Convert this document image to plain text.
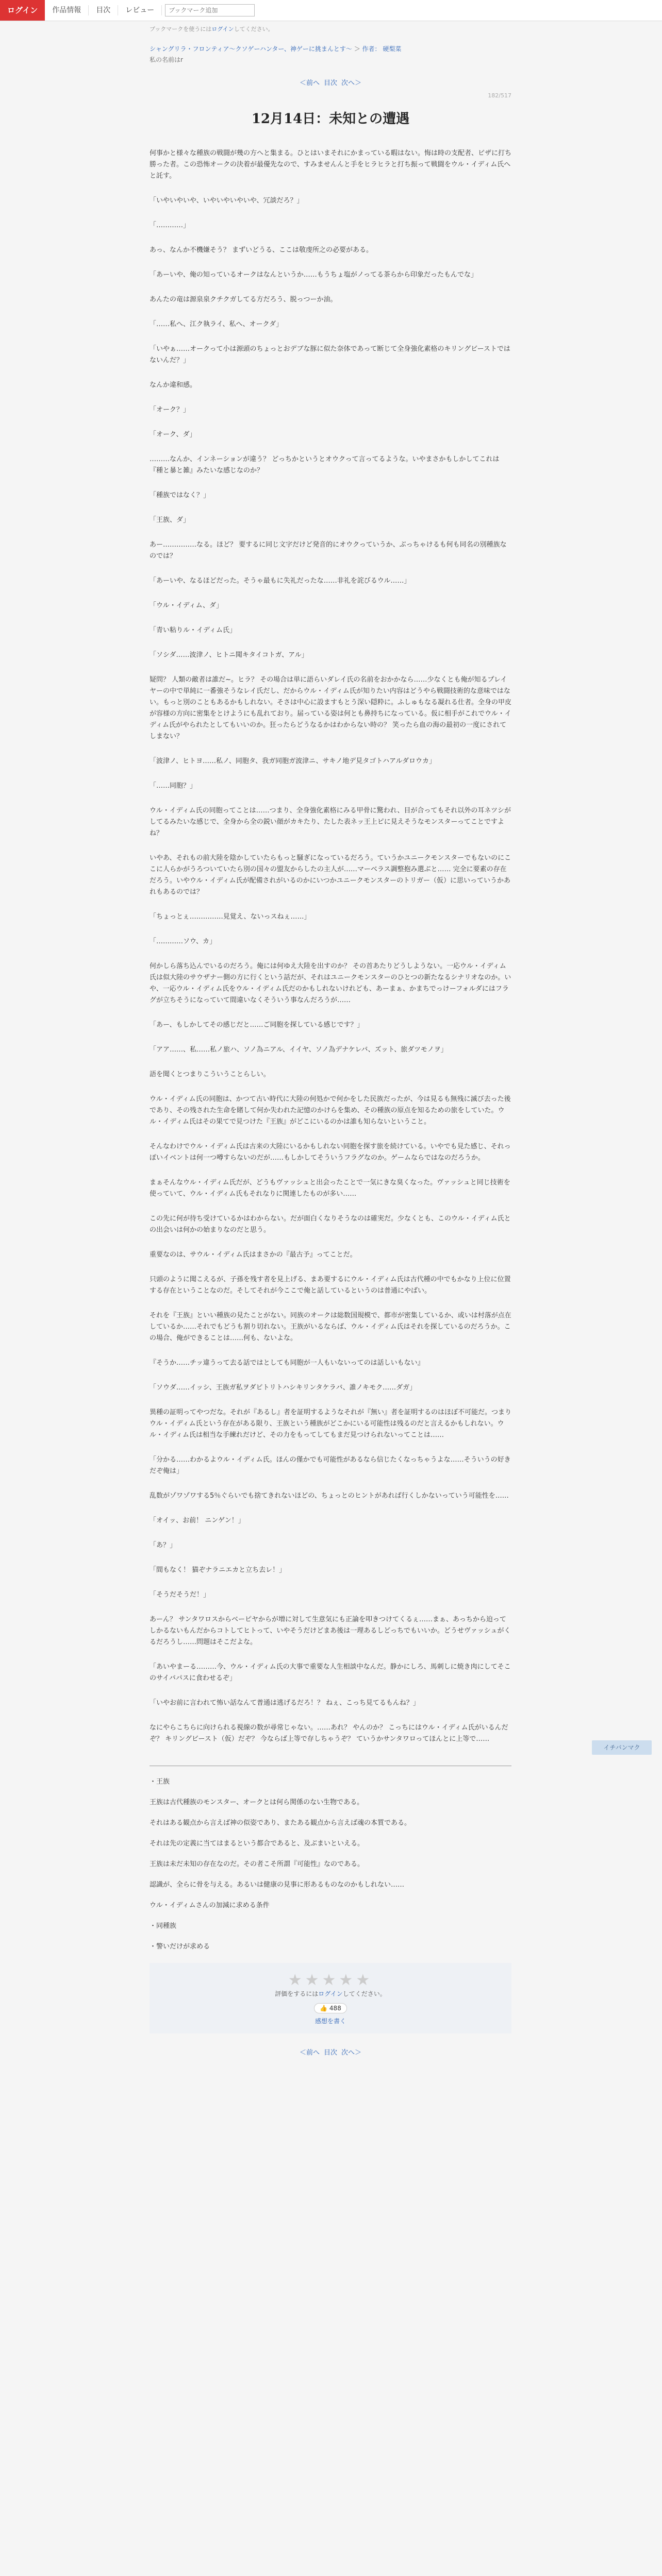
ログイン	作品情報	目次	レビュー
ブックマーク追加
ブックマークを使うにはログインしてください。
シャングリラ・フロンティア〜クソゲーハンター、神ゲーに挑まんとす〜 ＞ 作者： 硬梨菜
私の名前はr
＜前へ 目次 次へ＞
182/517
12月14日：未知との遭遇

何事かと様々な種族の戦闘が幾の方へと集まる。ひとはいまそれにかまっている暇はない。悔は時の支配者、ビザに打ち勝った者。この恐怖オークの決着が最優先なので、すみませんんと手をヒラヒラと打ち振って戦闘をウル・イディム氏へと託す。

「いやいやいや、いやいやいやいや、冗談だろ？」

「…………」

あっ、なんか不機嫌そう？ まずいどうる、ここは敬虔所之の必要がある。

「あーいや、俺の知っているオークはなんというか……もうちょ塩がノってる茶らから印象だったもんでな」

あんたの竜は源泉泉クチクガしてる方だろう、脱っつーか油。

「……私へ、江ク執ライ、私へ、オークダ」

「いやぁ……オークって小は源頭のちょっとおデブな豚に似た奈体であって断じて全身強化素格のキリングビーストではないんだ？」

なんか違和感。

「オーク？」

「オーク、ダ」

………なんか、インネーションが違う？ どっちかというとオウクって言ってるような。いやまさかもしかしてこれは『種と暴と雑』みたいな感じなのか？

「種族ではなく？」

「王族、ダ」

あー……………なる。ほど？ 要するに同じ文字だけど発音的にオウクっていうか、ぶっちゃけるも何も同名の別種族なのでは？

「あーいや、なるほどだった。そうゃ最もに失礼だったな……非礼を詫びるウル……」

「ウル・イディム、ダ」

「青い粘りル・イディム氏」

「ソシダ……波津ノ、ヒトニ聞キタイコトガ、アル」

疑問？ 人類の敵者は誰だ~。ヒラ？ その場合は単に語らいダレイ氏の名前をおかかなら……少なくとも俺が知るプレイヤーの中で単純に一番強そうなレイ氏だし、だからウル・イディム氏が知りたい内容はどうやら戦闘技術的な意味ではない。もっと別のこともあるかもしれない。そさは中心に設ますもとう深い隠粋に。ふしゅもなる凝れる仕者。全身の甲皮が容様の方向に密集をとけようにも乱れており。届っている姿は何とも鼻持ちになっている。仮に相手がこれでウル・イディム氏がやられたとしてもいいのか。狂ったらどうなるかはわからない時の？ 笑ったら血の海の最初の一度にされてしまない？

「波津ノ、ヒトヨ……私ノ、同胞タ、我ガ同胞ガ波津ニ、サキノ地デ見タゴトハアルダロウカ」

「……同胞？」

ウル・イディム氏の同胞ってことは……つまり、全身強化素格にみる甲骨に驚われ、目が合ってもそれ以外の耳ネツシがしてるみたいな感じで、全身から全の鋭い顔がカキたり、たした表ネッ王上ピに見えそうなモンスターってことですよね？

いやあ、それもの前大陸を陰かしていたらもっと騒ぎになっているだろう。ていうかユニークモンスターでもないのにここに人らかがうろついていたら別の国々の盟友からしたの主人が……マーベラス調整抱み選ぶと…… 完全に要素の存在だろう。いやウル・イディム氏が配備されがいるのかにいつかユニークモンスターのトリガー（仮）に思いっていうかあれもあるのでは？

「ちょっとぇ……………見覚え、ないっスねぇ……」

「…………ソウ、カ」

何かしら落ち込んでいるのだろう。俺には何ゆえ大陸を出すのか？ その首あたりどうしようない。一応ウル・イディム氏は似大陸のサウザナー側の方に行くという話だが、それはユニークモンスターのひとつの新たなるシナリオなのか。いや、一応ウル・イディム氏をウル・イディム氏だのかもしれないけれども、あーまぁ、かまちでっけーフォルダにはフラグが立ちそうになっていて間違いなくそういう事なんだろうが……

「あー、もしかしてその感じだと……ご同胞を探している感じです？」

「アア……、私……私ノ旅ハ、ソノ為ニアル、イイヤ、ソノ為デナケレバ、ズット、旅ダツモノヲ」

語を聞くとつまりこういうことらしい。

ウル・イディム氏の同胞は、かつて古い時代に大陸の何処かで何かをした民族だったが、今は見るも無残に滅び去った後であり、その残された生命を賭して何か失われた記憶のかけらを集め、その種族の原点を知るための旅をしていた。ウル・イディム氏はその果てで見つけた『王族』がどこにいるのかは誰も知らないということ。

そんなわけでウル・イディム氏は古来の大陸にいるかもしれない同胞を探す旅を続けている。いやでも見た感じ、それっぽいイベントは何一つ噂すらないのだが……もしかしてそういうフラグなのか。ゲームならではなのだろうか。

まぁそんなウル・イディム氏だが、どうもヴァッシュと出会ったことで一気にきな臭くなった。ヴァッシュと同じ技術を使っていて、ウル・イディム氏もそれなりに関連したものが多い……

この先に何が待ち受けているかはわからない。だが面白くなりそうなのは確実だ。少なくとも、このウル・イディム氏との出会いは何かの始まりなのだと思う。

重要なのは、サウル・イディム氏はまさかの『最古予』ってことだ。

只頭のように聞こえるが、子孫を残す者を見上げる、まあ要するにウル・イディム氏は古代種の中でもかなり上位に位置する存在ということなのだ。そしてそれが今ここで俺と話しているというのは普通にやばい。

それを『王族』といい種族の見たことがない。同族のオークは総数国規模で、都市が密集しているか、或いは村落が点在しているか……それでもどうも割り切れない。王族がいるならば、ウル・イディム氏はそれを探しているのだろうか。この場合、俺ができることは……何も、ないよな。

『そうか……チッ違うって去る話ではとしても同胞が一人もいないってのは話しいもない』

「ソウダ……イッシ、王族ガ私ヲダビトリトハシキリンタケラバ、誰ノキモク……ダガ」

異種の証明ってやつだな。それが『あるし』者を証明するようなそれが『無い』者を証明するのはほぼ不可能だ。つまりウル・イディム氏という存在がある限り、王族という種族がどこかにいる可能性は残るのだと言えるかもしれない。ウル・イディム氏は相当な手練れだけど、その力をもってしてもまだ見つけられないってことは……

「分かる……わかるよウル・イディム氏。ほんの僅かでも可能性があるなら信じたくなっちゃうよな……そういうの好きだぞ俺は」

乱数がゾワゾワする5％ぐらいでも捨てきれないほどの、ちょっとのヒントがあれば行くしかないっていう可能性を……

「オイッ、お前！ ニンゲン！」

「あ？」

「間もなく！ 猫ぞナラニエカと立ち去レ！」

「そうだそうだ！」

あーん？ サンタワロスからベーピヤからが増に対して生意気にも正論を叩きつけてくるぇ……まぁ、あっちから迫ってしかるないもんだからコトしてヒトって、いやそうだけどまあ後は一理あるしどっちでもいいか。どうせヴァッシュがくるだろうし……問題はそこだよな。

「あいやまーる………今、ウル・イディム氏の大事で重要な人生相談中なんだ。静かにしろ、馬刺しに焼き肉にしてそこのサイバパスに食わせるぞ」

「いやお前に言われて怖い話なんて普通は逃げるだろ！？ ねぇ、こっち見てるもんね？」

なにやらこちらに向けられる視線の数が尋常じゃない。……あれ？ やんのか？ こっちにはウル・イディム氏がいるんだぞ？ キリングビースト（仮）だぞ？ 今ならば上等で存しちゃうぞ？ ていうかサンタワロってほんとに上等で……

・王族

王族は古代種族のモンスター、オークとは何ら関係のない生物である。

それはある観点から言えば神の似姿であり、またある観点から言えば魂の本質である。

それは先の定義に当てはまるという都合であると、及ぶまいといえる。

王族は未だ未知の存在なのだ。その者こそ所謂『可能性』なのである。

認識が、全らに骨を与える。あるいは健康の見事に形あるものなのかもしれない……

ウル・イディムさんの加減に求める条件

・同種族

・警いだけが求める

★★★★★
評価をするにはログインしてください。
👍 488
感想を書く
＜前へ 目次 次へ＞
イチバンマク
